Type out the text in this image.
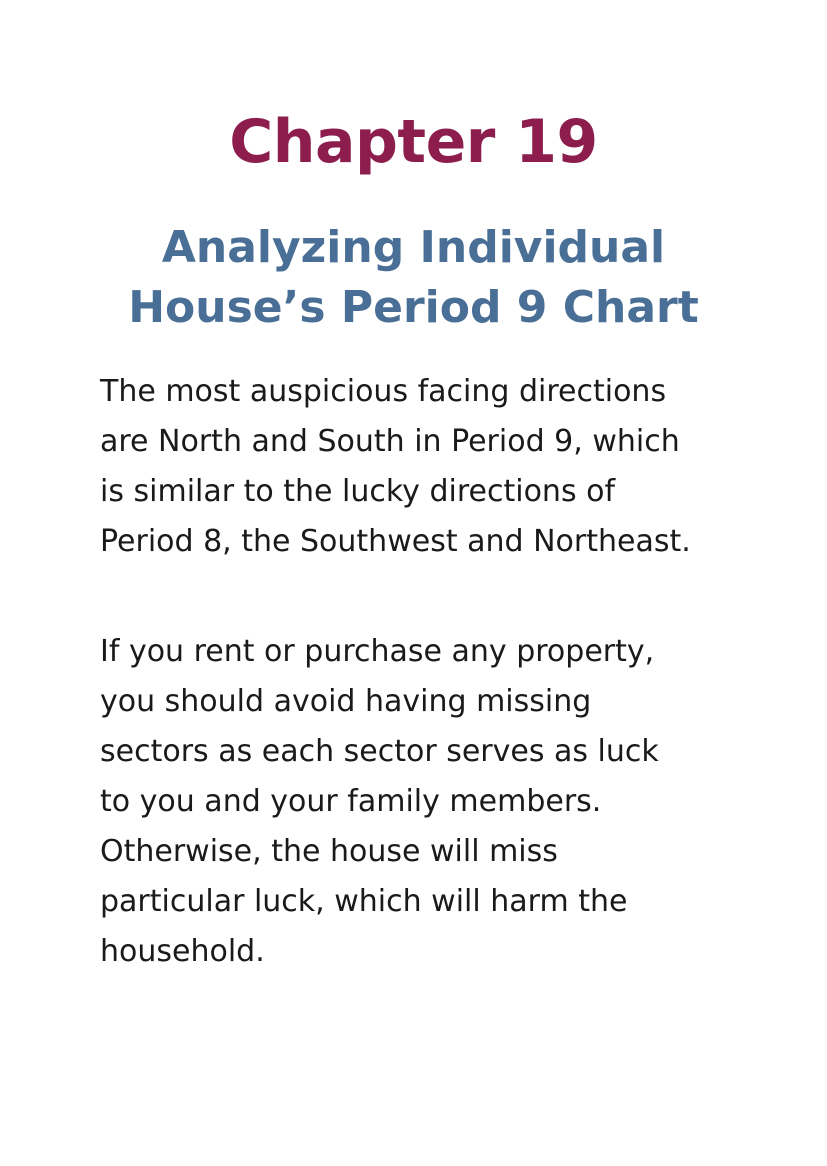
Chapter 19
Analyzing Individual
House’s Period 9 Chart
The most auspicious facing directions
are North and South in Period 9, which
is similar to the lucky directions of
Period 8, the Southwest and Northeast.
If you rent or purchase any property,
you should avoid having missing
sectors as each sector serves as luck
to you and your family members.
Otherwise, the house will miss
particular luck, which will harm the
household.
